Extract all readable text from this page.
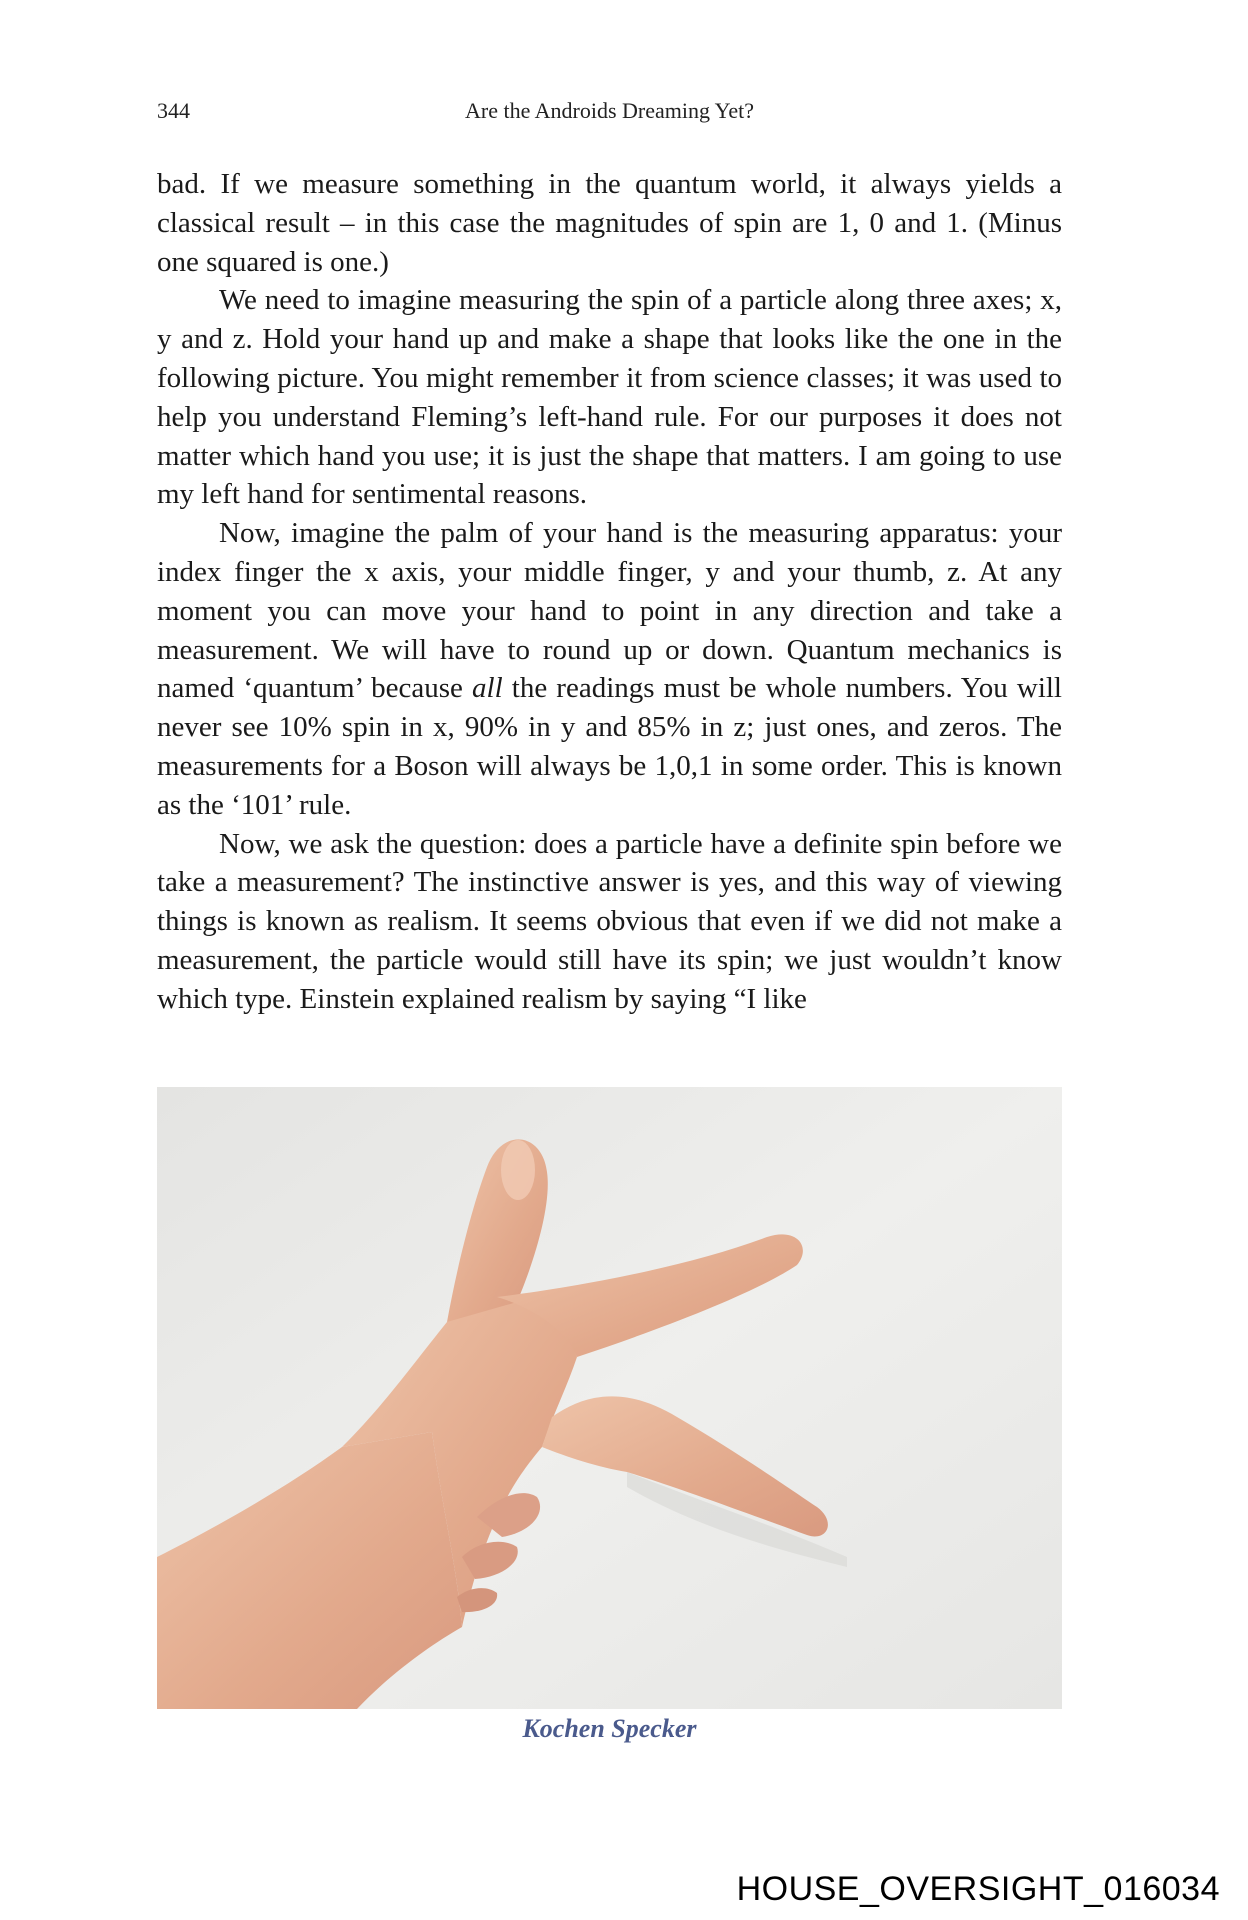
344	Are the Androids Dreaming Yet?

bad. If we measure something in the quantum world, it always yields a classical result – in this case the magnitudes of spin are 1, 0 and 1. (Minus one squared is one.)

We need to imagine measuring the spin of a particle along three axes; x, y and z. Hold your hand up and make a shape that looks like the one in the following picture. You might remember it from science classes; it was used to help you understand Fleming’s left-hand rule. For our purposes it does not matter which hand you use; it is just the shape that matters. I am going to use my left hand for sentimental reasons.

Now, imagine the palm of your hand is the measuring apparatus: your index finger the x axis, your middle finger, y and your thumb, z. At any moment you can move your hand to point in any direction and take a measurement. We will have to round up or down. Quantum mechanics is named ‘quantum’ because all the readings must be whole numbers. You will never see 10% spin in x, 90% in y and 85% in z; just ones, and zeros. The measurements for a Boson will always be 1,0,1 in some order. This is known as the ‘101’ rule.

Now, we ask the question: does a particle have a definite spin before we take a measurement? The instinctive answer is yes, and this way of viewing things is known as realism. It seems obvious that even if we did not make a measurement, the particle would still have its spin; we just wouldn’t know which type. Einstein explained realism by saying “I like

Kochen Specker
HOUSE_OVERSIGHT_016034
